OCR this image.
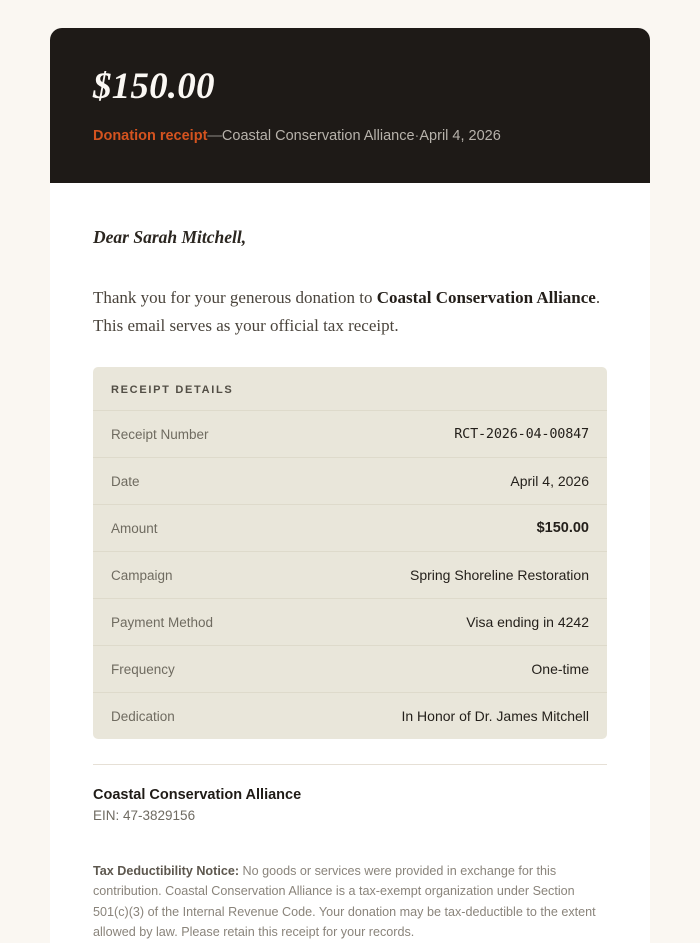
$150.00
Donation receipt—Coastal Conservation Alliance·April 4, 2026
Dear Sarah Mitchell,

Thank you for your generous donation to Coastal Conservation Alliance. This email serves as your official tax receipt.

RECEIPT DETAILS
Receipt Number	RCT-2026-04-00847
Date	April 4, 2026
Amount	$150.00
Campaign	Spring Shoreline Restoration
Payment Method	Visa ending in 4242
Frequency	One-time
Dedication	In Honor of Dr. James Mitchell
Coastal Conservation Alliance
EIN: 47-3829156
Tax Deductibility Notice: No goods or services were provided in exchange for this contribution. Coastal Conservation Alliance is a tax-exempt organization under Section 501(c)(3) of the Internal Revenue Code. Your donation may be tax-deductible to the extent allowed by law. Please retain this receipt for your records.
